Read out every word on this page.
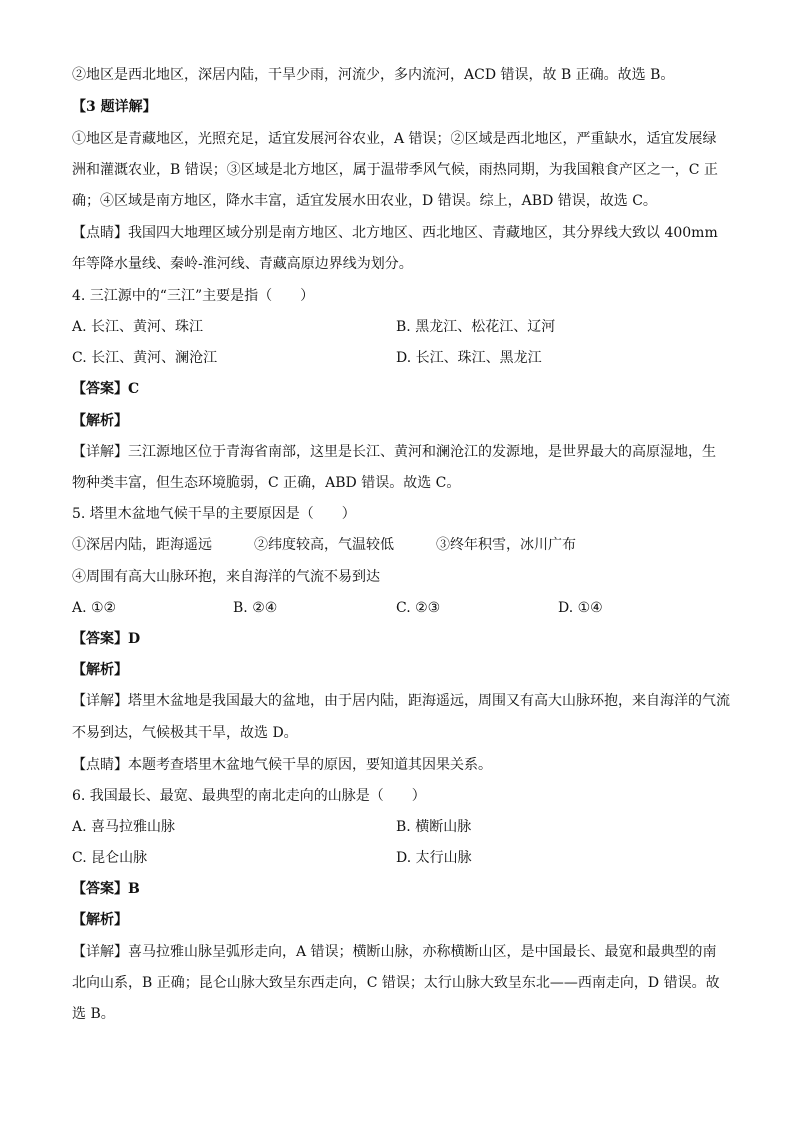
②地区是西北地区，深居内陆，干旱少雨，河流少，多内流河，ACD 错误，故 B 正确。故选 B。
【3 题详解】
①地区是青藏地区，光照充足，适宜发展河谷农业，A 错误；②区域是西北地区，严重缺水，适宜发展绿
洲和灌溉农业，B 错误；③区域是北方地区，属于温带季风气候，雨热同期，为我国粮食产区之一，C 正
确；④区域是南方地区，降水丰富，适宜发展水田农业，D 错误。综上，ABD 错误，故选 C。
【点睛】我国四大地理区域分别是南方地区、北方地区、西北地区、青藏地区，其分界线大致以 400mm
年等降水量线、秦岭-淮河线、青藏高原边界线为划分。
4. 三江源中的“三江”主要是指（　　）
A. 长江、黄河、珠江	B. 黑龙江、松花江、辽河
C. 长江、黄河、澜沧江	D. 长江、珠江、黑龙江
【答案】C
【解析】
【详解】三江源地区位于青海省南部，这里是长江、黄河和澜沧江的发源地，是世界最大的高原湿地，生
物种类丰富，但生态环境脆弱，C 正确，ABD 错误。故选 C。
5. 塔里木盆地气候干旱的主要原因是（　　）
①深居内陆，距海遥远	②纬度较高，气温较低	③终年积雪，冰川广布
④周围有高大山脉环抱，来自海洋的气流不易到达
A. ①②	B. ②④	C. ②③	D. ①④
【答案】D
【解析】
【详解】塔里木盆地是我国最大的盆地，由于居内陆，距海遥远，周围又有高大山脉环抱，来自海洋的气流
不易到达，气候极其干旱，故选 D。
【点睛】本题考查塔里木盆地气候干旱的原因，要知道其因果关系。
6. 我国最长、最宽、最典型的南北走向的山脉是（　　）
A. 喜马拉雅山脉	B. 横断山脉
C. 昆仑山脉	D. 太行山脉
【答案】B
【解析】
【详解】喜马拉雅山脉呈弧形走向，A 错误；横断山脉，亦称横断山区，是中国最长、最宽和最典型的南
北向山系，B 正确；昆仑山脉大致呈东西走向，C 错误；太行山脉大致呈东北——西南走向，D 错误。故
选 B。
